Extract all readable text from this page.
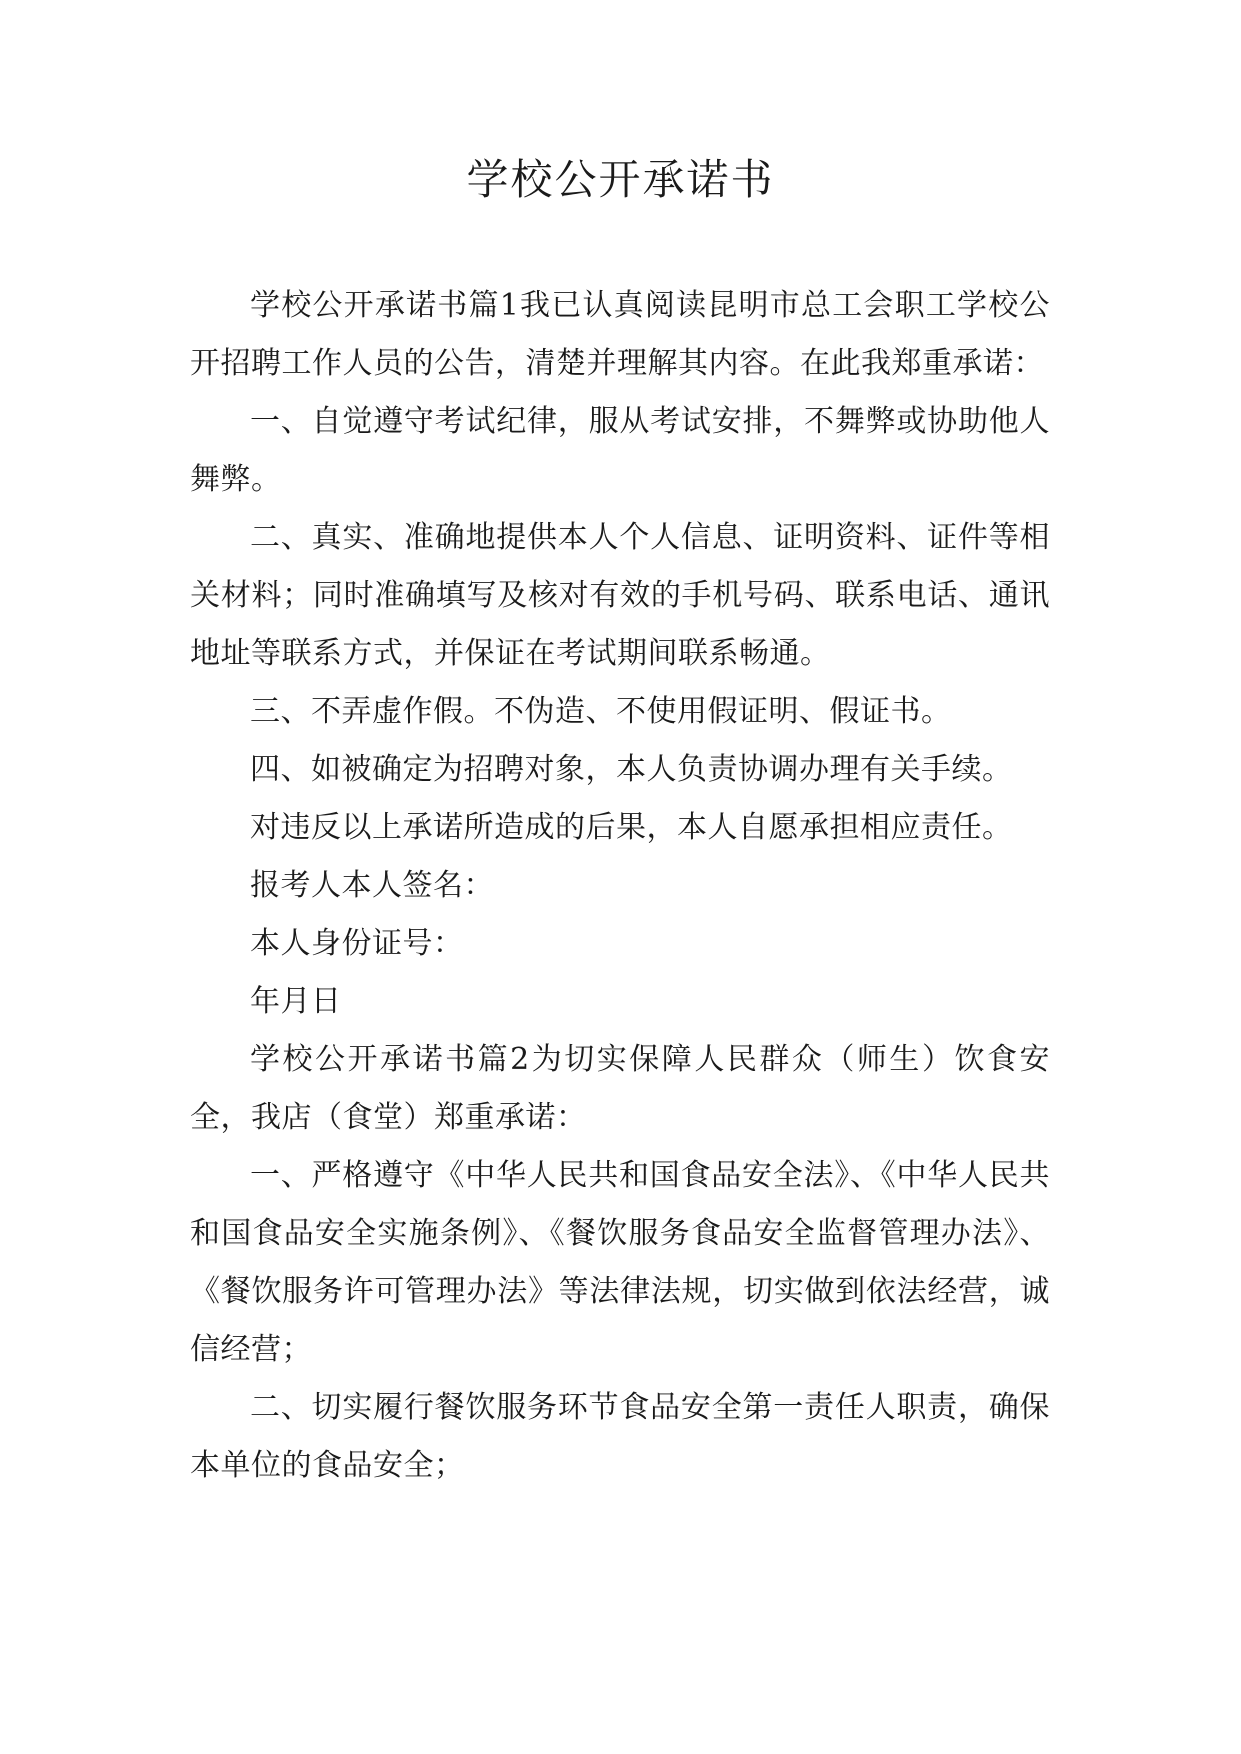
学校公开承诺书

学校公开承诺书篇1我已认真阅读昆明市总工会职工学校公开招聘工作人员的公告，清楚并理解其内容。在此我郑重承诺：

一、自觉遵守考试纪律，服从考试安排，不舞弊或协助他人舞弊。

二、真实、准确地提供本人个人信息、证明资料、证件等相关材料；同时准确填写及核对有效的手机号码、联系电话、通讯地址等联系方式，并保证在考试期间联系畅通。

三、不弄虚作假。不伪造、不使用假证明、假证书。

四、如被确定为招聘对象，本人负责协调办理有关手续。

对违反以上承诺所造成的后果，本人自愿承担相应责任。

报考人本人签名：

本人身份证号：

年月日

学校公开承诺书篇2为切实保障人民群众（师生）饮食安全，我店（食堂）郑重承诺：

一、严格遵守《中华人民共和国食品安全法》、《中华人民共和国食品安全实施条例》、《餐饮服务食品安全监督管理办法》、《餐饮服务许可管理办法》等法律法规，切实做到依法经营，诚信经营；

二、切实履行餐饮服务环节食品安全第一责任人职责，确保本单位的食品安全；
